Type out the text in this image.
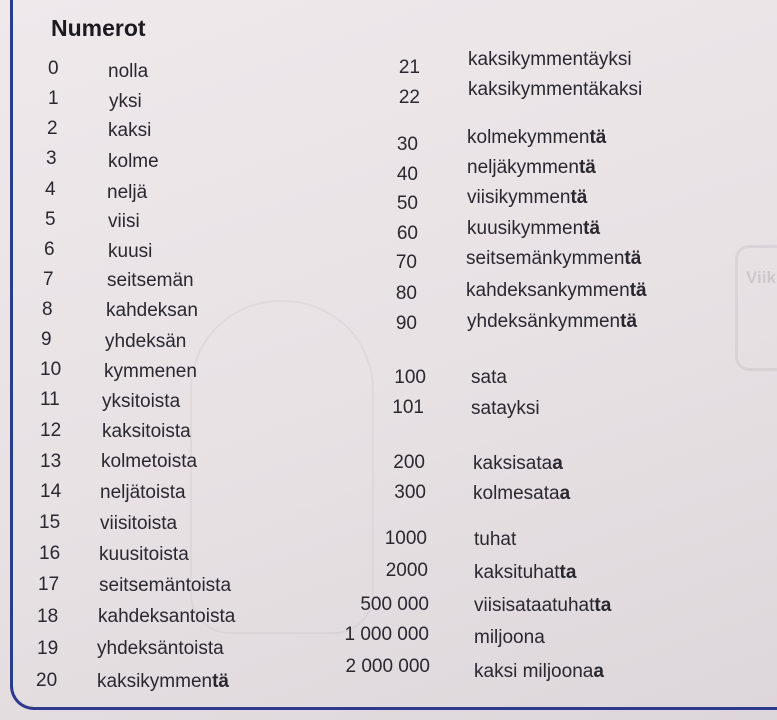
Viik
Numerot
0	nolla
1	yksi
2	kaksi
3	kolme
4	neljä
5	viisi
6	kuusi
7	seitsemän
8	kahdeksan
9	yhdeksän
10 kymmenen
11 yksitoista
12 kaksitoista
13 kolmetoista
14 neljätoista
15 viisitoista
16 kuusitoista
17 seitsemäntoista
18 kahdeksantoista
19 yhdeksäntoista
20 kaksikymmentä
21	kaksikymmentäyksi
22	kaksikymmentäkaksi
30	kolmekymmentä
40	neljäkymmentä
50	viisikymmentä
60	kuusikymmentä
70	seitsemänkymmentä
80	kahdeksankymmentä
90	yhdeksänkymmentä
100 sata
101 satayksi
200	kaksisataa
300 kolmesataa
1000 tuhat
2000 kaksituhatta
500 000 viisisataatuhatta
1 000 000 miljoona
2 000 000 kaksi miljoonaa
